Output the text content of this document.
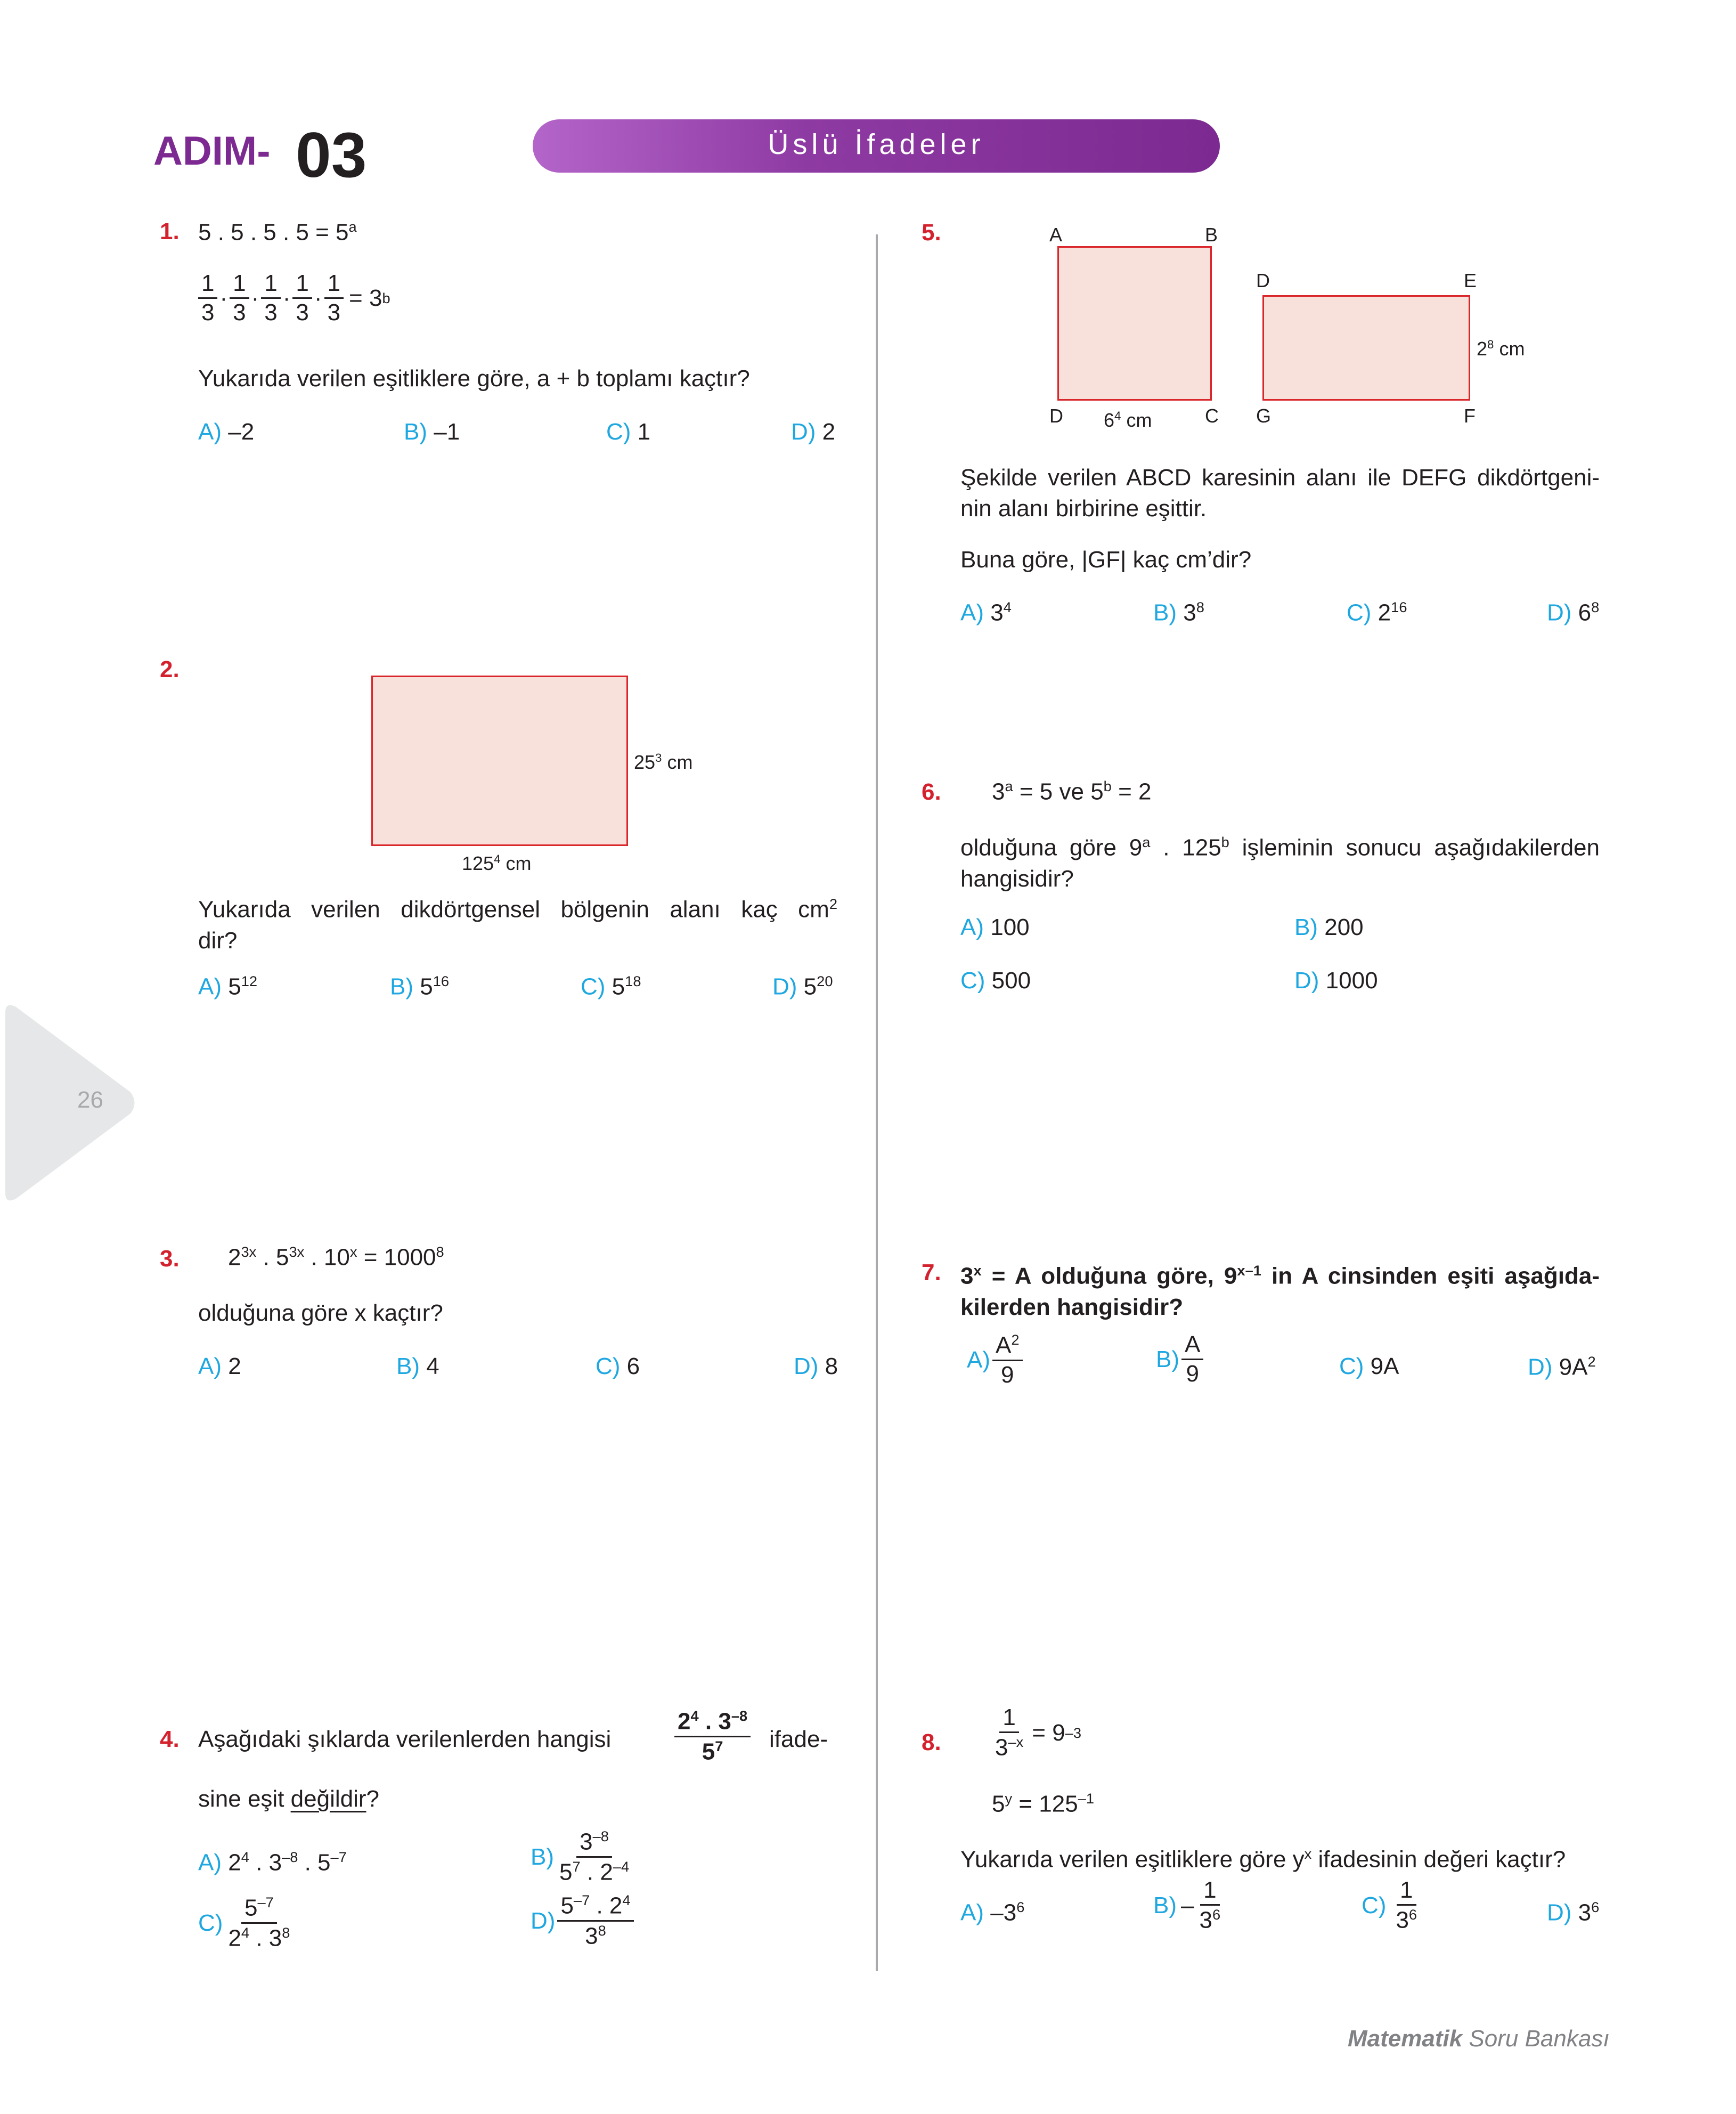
ADIM- 03	Üslü İfadeler
26
1. 5 . 5 . 5 . $5 = 5^a$
$\frac{1}{3} \cdot \frac{1}{3} \cdot \frac{1}{3} \cdot \frac{1}{3} \cdot \frac{1}{3} = 3$ b
Yukarıda verilen eşitliklere göre, a + b toplamı kaçtır?
A) –2	B) –1	C) 1	D) 2
2.
$25^3$ cm
$125^4$ cm
Yukarıda verilen dikdörtgensel bölgenin alanı kaç $cm^2$
dir?
A) $5^{12}$	B) $5^{16}$	C) $5^{18}$	D) $5^{20}$
3. $2^{3x}$ . $5^{3x}$ . $10^x = 1000^8$
olduğuna göre x kaçtır?
A) 2	B) 4	C) 6	D) 8
4. Aşağıdaki şıklarda verilenlerden hangisi	$\frac{2^4 . 3^{-8}}{5^7}$ ifade-
sine eşit değildir?
A) $2^4$ . $3^{-8}$ . $5^{-7}$	$B) \frac{3^{-8}}{5^7 . 2^{-4}}$
$C) \frac{5^{-7}}{2^4 . 3^8}$	$D) \frac{5^{-7} . 2^4}{3^8}$
5.	A	B
D	C
$6^4$ cm
D	E
G	F
$2^8$ cm
Şekilde verilen ABCD karesinin alanı ile DEFG dikdörtgeni-
nin alanı birbirine eşittir.
Buna göre, |GF| kaç cm’dir?
A) $3^4$	B) $3^8$	C) $2^{16}$	D) $6^8$
6. $3^a = 5$ ve $5^b = 2$
olduğuna göre 9$^a$ . 125$^b$ işleminin sonucu aşağıdakilerden
hangisidir?
A) 100	B) 200
C) 500	D) 1000
7. $3^x = A$ olduğuna göre, 9$^{x-1}$ in A cinsinden eşiti aşağıda-
kilerden hangisidir?
$A) \frac{A^2}{9}$	$B) \frac{A}{9}$	C) 9A	D) $9A^2$
8. $\frac{1}{3^{-x}} = 9$ –3
$5^y = 125^{-1}$
Yukarıda verilen eşitliklere göre $y^x$ ifadesinin değeri kaçtır?
A) $-3^6$	$B) - \frac{1}{3^6}$	$C) \frac{1}{3^6}$	D) $3^6$
Matematik Soru Bankası
